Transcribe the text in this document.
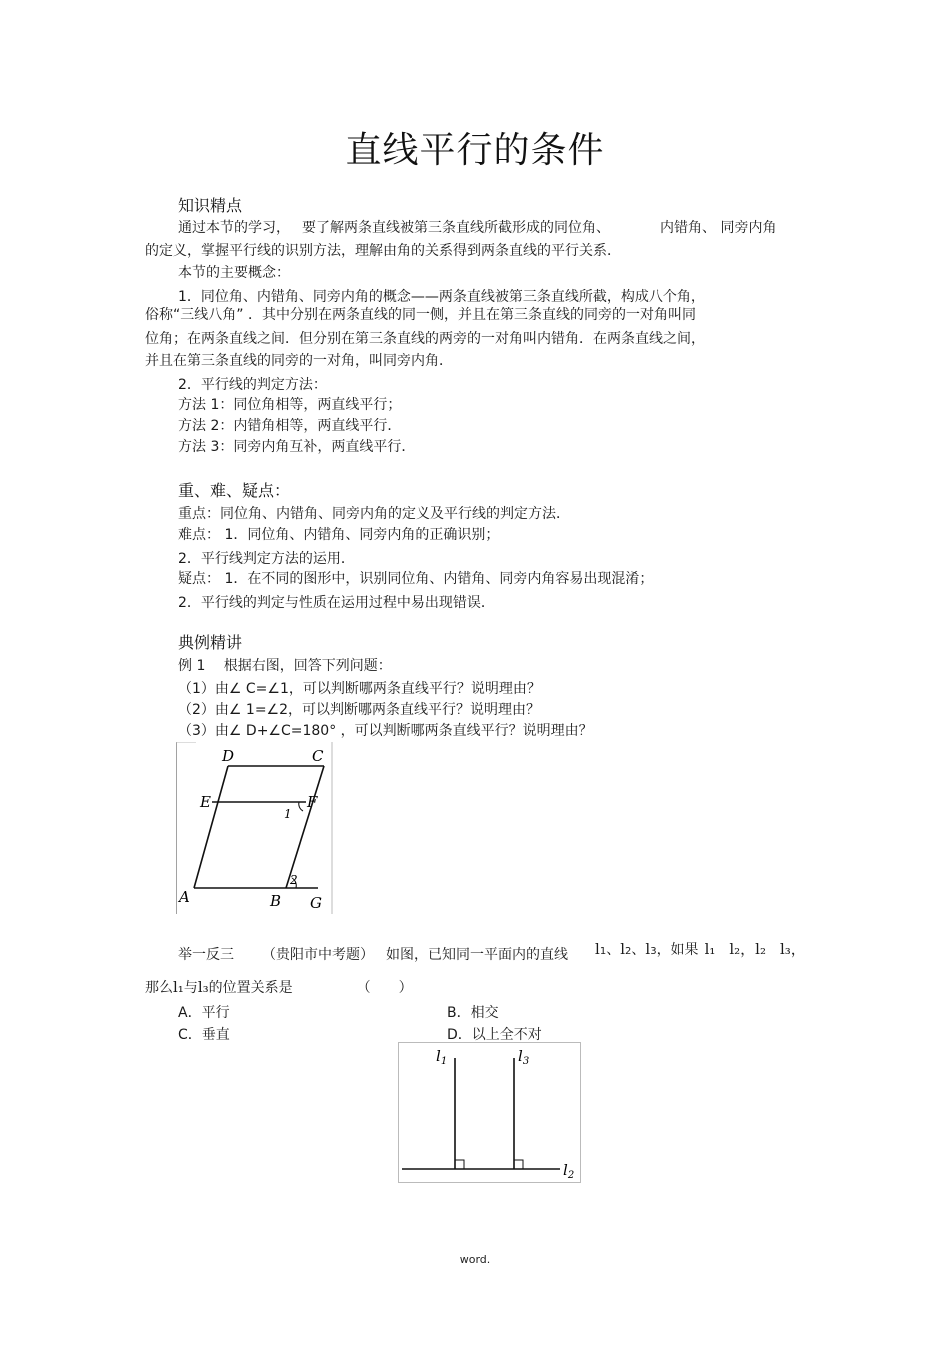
直线平行的条件
知识精点
通过本节的学习， 要了解两条直线被第三条直线所截形成的同位角、	内错角、 同旁内角
的定义，掌握平行线的识别方法，理解由角的关系得到两条直线的平行关系．
本节的主要概念：
1．同位角、内错角、同旁内角的概念——两条直线被第三条直线所截，构成八个角，
俗称“三线八角” ．其中分别在两条直线的同一侧，并且在第三条直线的同旁的一对角叫同
位角；在两条直线之间．但分别在第三条直线的两旁的一对角叫内错角．在两条直线之间，
并且在第三条直线的同旁的一对角，叫同旁内角．
2．平行线的判定方法：
方法 1：同位角相等，两直线平行；
方法 2：内错角相等，两直线平行．
方法 3：同旁内角互补，两直线平行．
重、难、疑点：
重点：同位角、内错角、同旁内角的定义及平行线的判定方法．
难点： 1．同位角、内错角、同旁内角的正确识别；
2．平行线判定方法的运用．
疑点： 1．在不同的图形中，识别同位角、内错角、同旁内角容易出现混淆；
2．平行线的判定与性质在运用过程中易出现错误．
典例精讲
例 1　 根据右图，回答下列问题：
（1）由∠ C=∠1，可以判断哪两条直线平行？说明理由？
（2）由∠ 1=∠2，可以判断哪两条直线平行？说明理由？
（3）由∠ D+∠C=180° ，可以判断哪两条直线平行？说明理由？
D	C
E	F
1
2
A	B G
举一反三 （贵阳市中考题） 如图，已知同一平面内的直线 l1、l2、l3，如果 l₁ l₂，l₂ l₃，
那么l₁与l₃的位置关系是	（　　）
A．平行	B．相交
C．垂直	D．以上全不对
$l_1$	$l_3$
$l_2$
word.
